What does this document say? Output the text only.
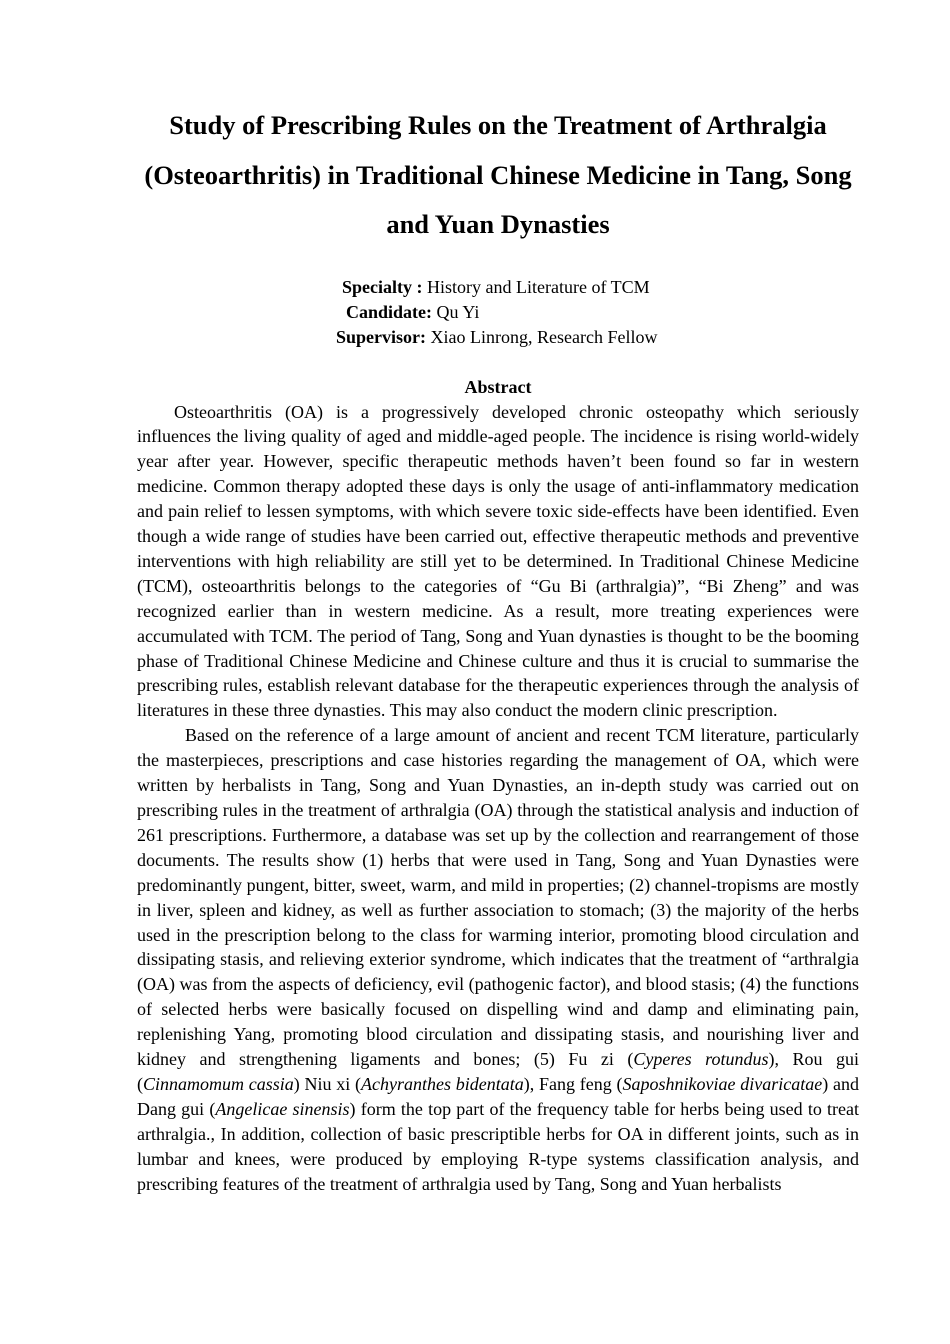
Study of Prescribing Rules on the Treatment of Arthralgia (Osteoarthritis) in Traditional Chinese Medicine in Tang, Song and Yuan Dynasties
Specialty : History and Literature of TCM
Candidate: Qu Yi
Supervisor: Xiao Linrong, Research Fellow
Abstract

Osteoarthritis (OA) is a progressively developed chronic osteopathy which seriously influences the living quality of aged and middle-aged people. The incidence is rising world-widely year after year. However, specific therapeutic methods haven’t been found so far in western medicine. Common therapy adopted these days is only the usage of anti-inflammatory medication and pain relief to lessen symptoms, with which severe toxic side-effects have been identified. Even though a wide range of studies have been carried out, effective therapeutic methods and preventive interventions with high reliability are still yet to be determined. In Traditional Chinese Medicine (TCM), osteoarthritis belongs to the categories of “Gu Bi (arthralgia)”, “Bi Zheng” and was recognized earlier than in western medicine. As a result, more treating experiences were accumulated with TCM. The period of Tang, Song and Yuan dynasties is thought to be the booming phase of Traditional Chinese Medicine and Chinese culture and thus it is crucial to summarise the prescribing rules, establish relevant database for the therapeutic experiences through the analysis of literatures in these three dynasties. This may also conduct the modern clinic prescription.

Based on the reference of a large amount of ancient and recent TCM literature, particularly the masterpieces, prescriptions and case histories regarding the management of OA, which were written by herbalists in Tang, Song and Yuan Dynasties, an in-depth study was carried out on prescribing rules in the treatment of arthralgia (OA) through the statistical analysis and induction of 261 prescriptions. Furthermore, a database was set up by the collection and rearrangement of those documents. The results show (1) herbs that were used in Tang, Song and Yuan Dynasties were predominantly pungent, bitter, sweet, warm, and mild in properties; (2) channel-tropisms are mostly in liver, spleen and kidney, as well as further association to stomach; (3) the majority of the herbs used in the prescription belong to the class for warming interior, promoting blood circulation and dissipating stasis, and relieving exterior syndrome, which indicates that the treatment of “arthralgia (OA) was from the aspects of deficiency, evil (pathogenic factor), and blood stasis; (4) the functions of selected herbs were basically focused on dispelling wind and damp and eliminating pain, replenishing Yang, promoting blood circulation and dissipating stasis, and nourishing liver and kidney and strengthening ligaments and bones; (5) Fu zi (Cyperes rotundus), Rou gui (Cinnamomum cassia) Niu xi (Achyranthes bidentata), Fang feng (Saposhnikoviae divaricatae) and Dang gui (Angelicae sinensis) form the top part of the frequency table for herbs being used to treat arthralgia., In addition, collection of basic prescriptible herbs for OA in different joints, such as in lumbar and knees, were produced by employing R-type systems classification analysis, and prescribing features of the treatment of arthralgia used by Tang, Song and Yuan herbalists
